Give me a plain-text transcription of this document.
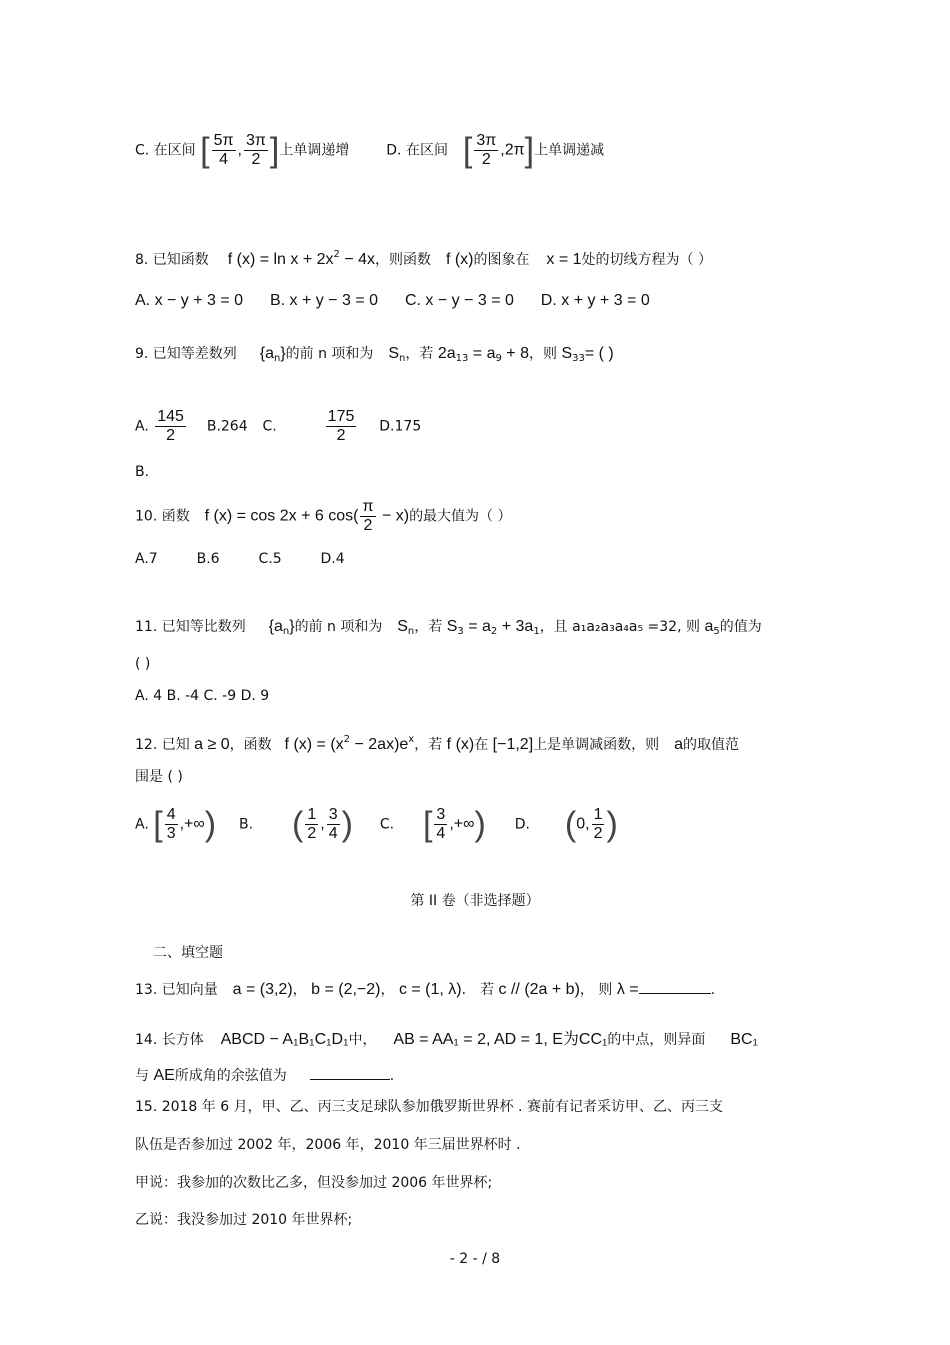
C. 在区间 [ $\frac{5\pi}{4}$ , $\frac{3\pi}{2}$ ]上单调递增	D. 在区间 [ $\frac{3\pi}{2} ,2\pi$]上单调递减
8. 已知函数 f $(x) = \ln x + 2x^2 - 4x$，则函数 f (x)的图象在 x = 1处的切线方程为（ ）
A. x − y + 3 = 0 B. x + y − 3 = 0 C. x − y − 3 = 0 D. x + y + 3 = 0
9. 已知等差数列 $\{a_n\}$的前 n 项和为 $S_n$，若 $2a_{13} = a_9 + 8$，则 $S_{33}=$ ( )
A. $\frac{145}{2} B.264$ C.	$\frac{175}{2} D.175$
B.
10. 函数 f (x) = cos 2x + 6 $\cos( \frac{\pi}{2} - x)$的最大值为（ ）
A.7	B.6	C.5	D.4
11. 已知等比数列 $\{a_n\}$的前 n 项和为 $S_n$，若 $S_3 = a_2 + 3a_1$，且 a₁a₂a₃a₄a₅ =32, 则 $a_5$的值为
( )
A. 4 B. -4 C. -9 D. 9
12. 已知 a ≥ 0，函数 f $(x) = (x^2 - 2ax)e^x$，若 f (x)在 [−1,2]上是单调减函数，则 a的取值范
围是 ( )
A. [ $\frac{4}{3}$ ,+∞) B. ( $\frac{1}{2}$ , $\frac{3}{4}$ ) C. [ $\frac{3}{4}$ ,+∞) D. (0, $\frac{1}{2}$ )
第 II 卷（非选择题）
二、填空题
13. 已知向量 a = (3,2)， b = (2,−2)， c = (1, λ)． 若 c // (2a + b)， 则 λ =	.
14. 长方体 ABCD − A₁B₁C₁D₁中， AB = AA₁ = 2, AD = 1, E为CC₁的中点，则异面 BC₁
与 AE所成角的余弦值为	.
15. 2018 年 6 月，甲、乙、丙三支足球队参加俄罗斯世界杯 . 赛前有记者采访甲、乙、丙三支
队伍是否参加过 2002 年，2006 年，2010 年三届世界杯时 .
甲说：我参加的次数比乙多，但没参加过 2006 年世界杯;
乙说：我没参加过 2010 年世界杯;
- 2 - / 8
